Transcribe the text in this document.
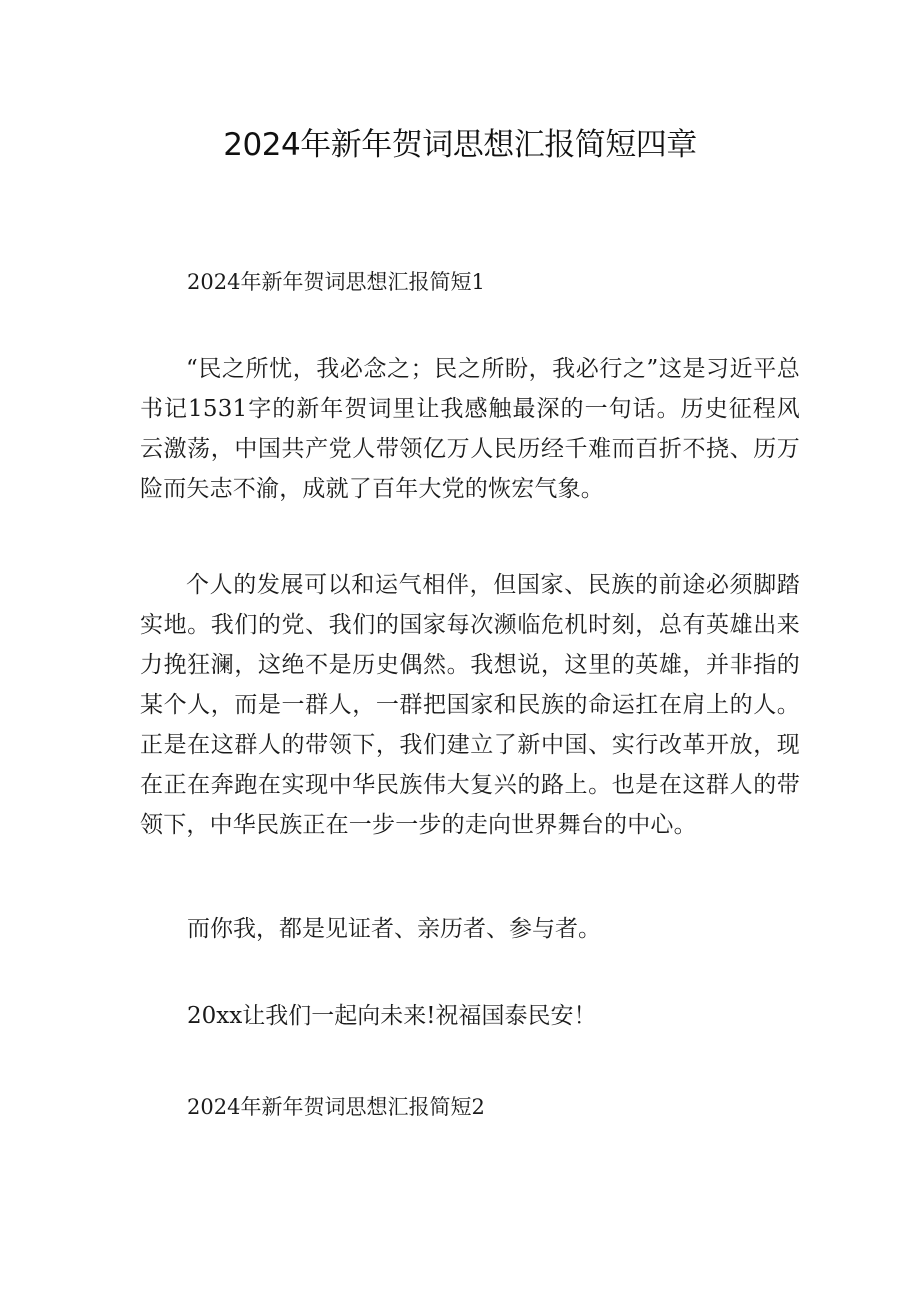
2024年新年贺词思想汇报简短四章
2024年新年贺词思想汇报简短1
“民之所忧，我必念之；民之所盼，我必行之”这是习近平总书记1531字的新年贺词里让我感触最深的一句话。历史征程风云激荡，中国共产党人带领亿万人民历经千难而百折不挠、历万险而矢志不渝，成就了百年大党的恢宏气象。
个人的发展可以和运气相伴，但国家、民族的前途必须脚踏实地。我们的党、我们的国家每次濒临危机时刻，总有英雄出来力挽狂澜，这绝不是历史偶然。我想说，这里的英雄，并非指的某个人，而是一群人，一群把国家和民族的命运扛在肩上的人。正是在这群人的带领下，我们建立了新中国、实行改革开放，现在正在奔跑在实现中华民族伟大复兴的路上。也是在这群人的带领下，中华民族正在一步一步的走向世界舞台的中心。
而你我，都是见证者、亲历者、参与者。
20xx让我们一起向未来!祝福国泰民安！
2024年新年贺词思想汇报简短2
